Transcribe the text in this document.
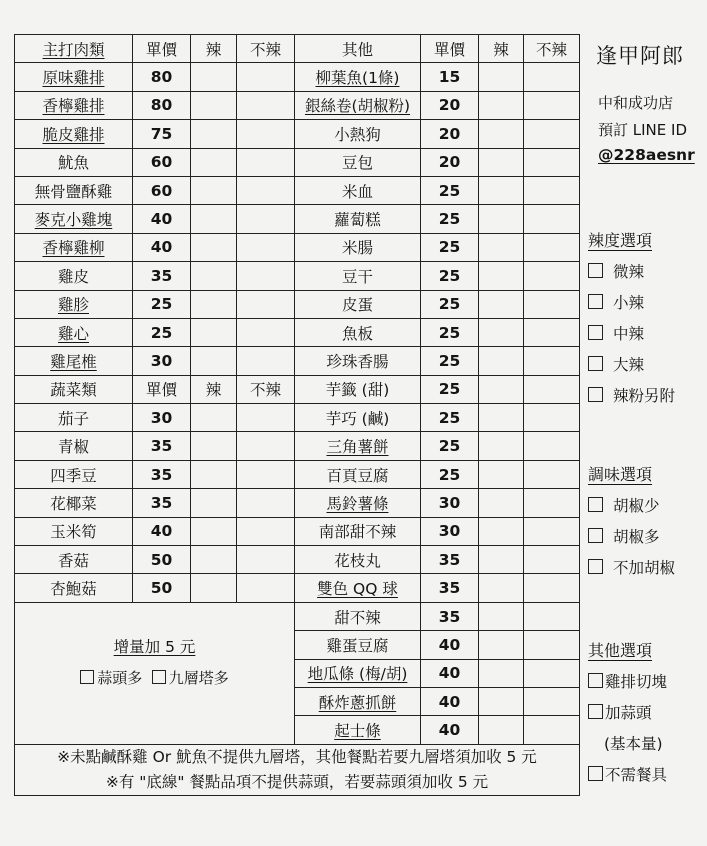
主打肉類	單價	辣	不辣	其他	單價	辣	不辣
原味雞排	80			柳葉魚(1條)	15		
香檸雞排	80			銀絲卷(胡椒粉)	20		
脆皮雞排	75			小熱狗	20		
魷魚	60			豆包	20		
無骨鹽酥雞	60			米血	25		
麥克小雞塊	40			蘿蔔糕	25		
香檸雞柳	40			米腸	25		
雞皮	35			豆干	25		
雞胗	25			皮蛋	25		
雞心	25			魚板	25		
雞尾椎	30			珍珠香腸	25		
蔬菜類	單價	辣	不辣	芋籤 (甜)	25		
茄子	30			芋巧 (鹹)	25		
青椒	35			三角薯餅	25		
四季豆	35			百頁豆腐	25		
花椰菜	35			馬鈴薯條	30		
玉米筍	40			南部甜不辣	30		
香菇	50			花枝丸	35		
杏鮑菇	50			雙色 QQ 球	35		

增量加 5 元
蒜頭多 九層塔多				甜不辣	35		
				雞蛋豆腐	40		
				地瓜條 (梅/胡)	40		
				酥炸蔥抓餅	40		
				起士條	40		

※未點鹹酥雞 Or 魷魚不提供九層塔，其他餐點若要九層塔須加收 5 元
※有 "底線" 餐點品項不提供蒜頭，若要蒜頭須加收 5 元							
逢甲阿郎
中和成功店
預訂 LINE ID
@228aesnr
辣度選項
微辣
小辣
中辣
大辣
辣粉另附
調味選項
胡椒少
胡椒多
不加胡椒
其他選項
雞排切塊
加蒜頭
(基本量)
不需餐具
